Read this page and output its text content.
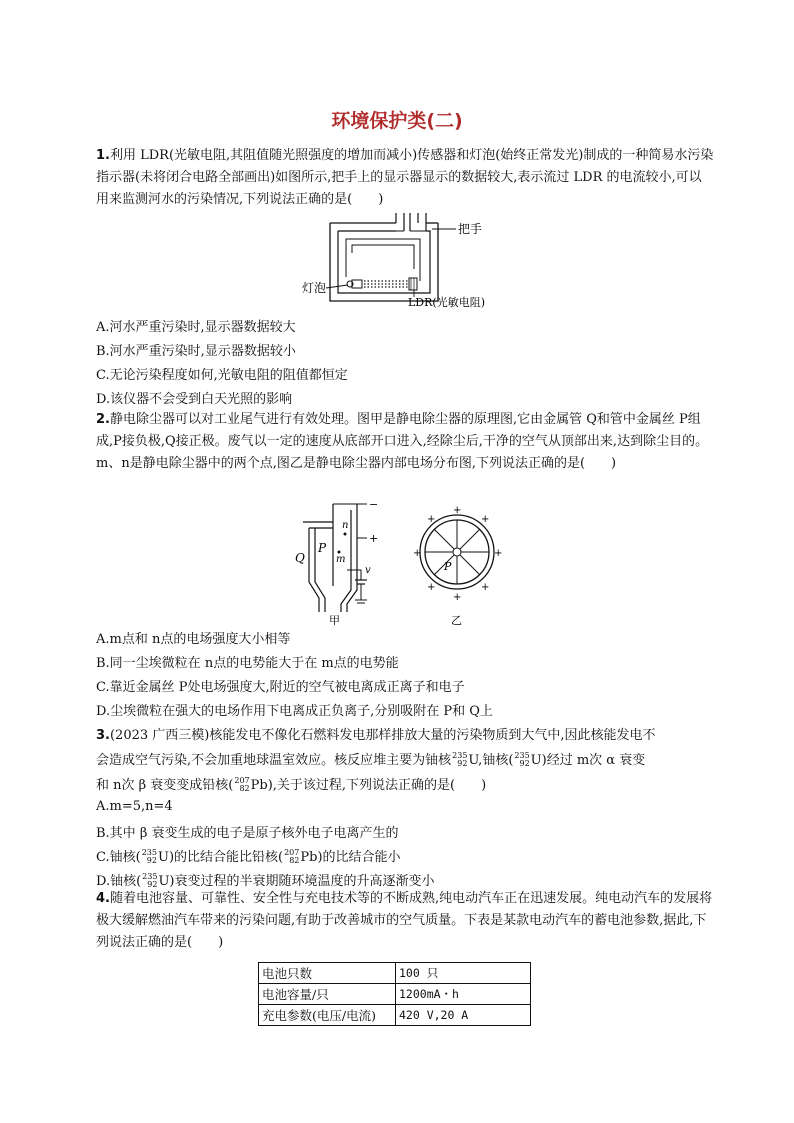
环境保护类(二)
1.利用 LDR(光敏电阻,其阻值随光照强度的增加而减小)传感器和灯泡(始终正常发光)制成的一种简易水污染指示器(未将闭合电路全部画出)如图所示,把手上的显示器显示的数据较大,表示流过 LDR 的电流较小,可以用来监测河水的污染情况,下列说法正确的是(　　)
把手
灯泡
LDR(光敏电阻)
A.河水严重污染时,显示器数据较大
B.河水严重污染时,显示器数据较小
C.无论污染程度如何,光敏电阻的阻值都恒定
D.该仪器不会受到白天光照的影响
2.静电除尘器可以对工业尾气进行有效处理。图甲是静电除尘器的原理图,它由金属管 Q和管中金属丝 P组成,P接负极,Q接正极。废气以一定的速度从底部开口进入,经除尘后,干净的空气从顶部出来,达到除尘目的。m、n是静电除尘器中的两个点,图乙是静电除尘器内部电场分布图,下列说法正确的是(　　)
−
+
n
m
P
Q
v
甲
P
+	+
+
+
+	+
+	+
乙
A.m点和 n点的电场强度大小相等
B.同一尘埃微粒在 n点的电势能大于在 m点的电势能
C.靠近金属丝 P处电场强度大,附近的空气被电离成正离子和电子
D.尘埃微粒在强大的电场作用下电离成正负离子,分别吸附在 P和 Q上
3.(2023 广西三模)核能发电不像化石燃料发电那样排放大量的污染物质到大气中,因此核能发电不
会造成空气污染,不会加重地球温室效应。核反应堆主要为铀核 235
92 U,铀核( 235
92 U)经过 m次 α 衰变
和 n次 β 衰变变成铅核( 207
82 Pb),关于该过程,下列说法正确的是(　　)
A.m=5,n=4
B.其中 β 衰变生成的电子是原子核外电子电离产生的
C.铀核( 235
92 U)的比结合能比铅核( 207
82 Pb)的比结合能小
D.铀核( 235
92 U)衰变过程的半衰期随环境温度的升高逐渐变小
4.随着电池容量、可靠性、安全性与充电技术等的不断成熟,纯电动汽车正在迅速发展。纯电动汽车的发展将极大缓解燃油汽车带来的污染问题,有助于改善城市的空气质量。下表是某款电动汽车的蓄电池参数,据此,下列说法正确的是(　　)
电池只数	100 只
电池容量/只	1200mA・h
充电参数(电压/电流)	420 V,20 A
